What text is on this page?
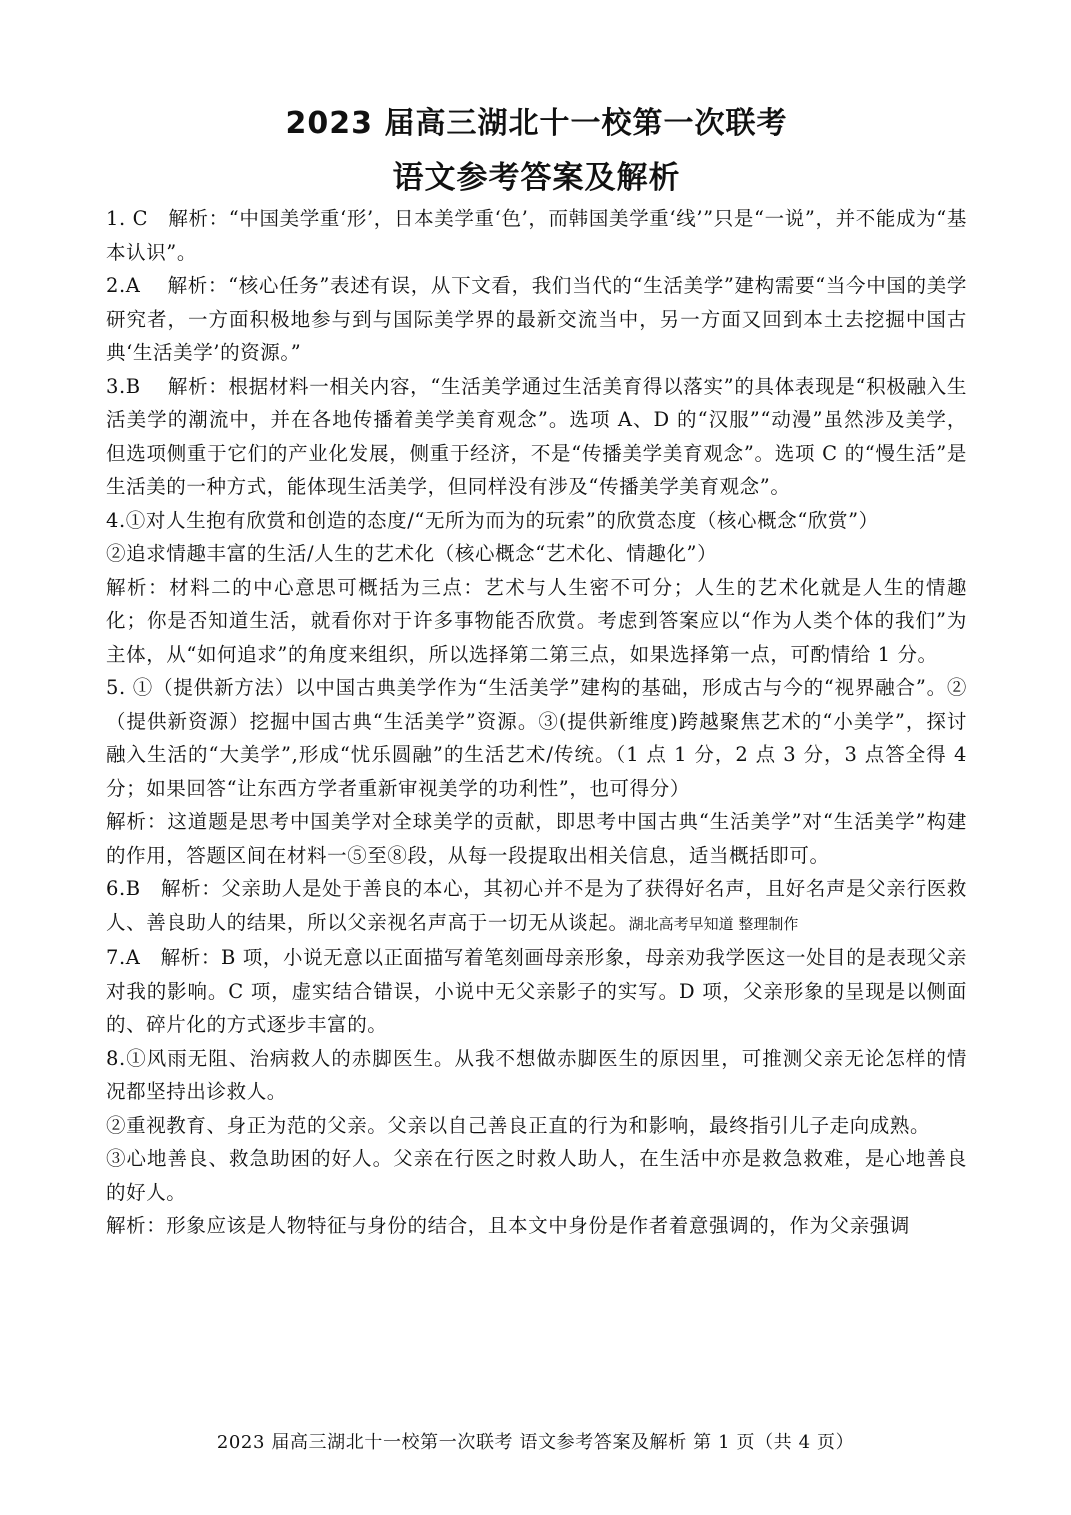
2023 届高三湖北十一校第一次联考
语文参考答案及解析

1. C　解析：“中国美学重‘形’，日本美学重‘色’，而韩国美学重‘线’”只是“一说”，并不能成为“基本认识”。

2.A　 解析：“核心任务”表述有误，从下文看，我们当代的“生活美学”建构需要“当今中国的美学研究者，一方面积极地参与到与国际美学界的最新交流当中，另一方面又回到本土去挖掘中国古典‘生活美学’的资源。”

3.B　 解析：根据材料一相关内容，“生活美学通过生活美育得以落实”的具体表现是“积极融入生活美学的潮流中，并在各地传播着美学美育观念”。选项 A、D 的“汉服”“动漫”虽然涉及美学，但选项侧重于它们的产业化发展，侧重于经济，不是“传播美学美育观念”。选项 C 的“慢生活”是生活美的一种方式，能体现生活美学，但同样没有涉及“传播美学美育观念”。

4.①对人生抱有欣赏和创造的态度/“无所为而为的玩索”的欣赏态度（核心概念“欣赏”）

②追求情趣丰富的生活/人生的艺术化（核心概念“艺术化、情趣化”）

解析：材料二的中心意思可概括为三点：艺术与人生密不可分；人生的艺术化就是人生的情趣化；你是否知道生活，就看你对于许多事物能否欣赏。考虑到答案应以“作为人类个体的我们”为主体，从“如何追求”的角度来组织，所以选择第二第三点，如果选择第一点，可酌情给 1 分。

5. ①（提供新方法）以中国古典美学作为“生活美学”建构的基础，形成古与今的“视界融合”。②（提供新资源）挖掘中国古典“生活美学”资源。③(提供新维度)跨越聚焦艺术的“小美学”，探讨融入生活的“大美学”,形成“忧乐圆融”的生活艺术/传统。（1 点 1 分，2 点 3 分，3 点答全得 4 分；如果回答“让东西方学者重新审视美学的功利性”，也可得分）

解析：这道题是思考中国美学对全球美学的贡献，即思考中国古典“生活美学”对“生活美学”构建的作用，答题区间在材料一⑤至⑧段，从每一段提取出相关信息，适当概括即可。

6.B　解析：父亲助人是处于善良的本心，其初心并不是为了获得好名声，且好名声是父亲行医救人、善良助人的结果，所以父亲视名声高于一切无从谈起。湖北高考早知道 整理制作

7.A　解析：B 项，小说无意以正面描写着笔刻画母亲形象，母亲劝我学医这一处目的是表现父亲对我的影响。C 项，虚实结合错误，小说中无父亲影子的实写。D 项，父亲形象的呈现是以侧面的、碎片化的方式逐步丰富的。

8.①风雨无阻、治病救人的赤脚医生。从我不想做赤脚医生的原因里，可推测父亲无论怎样的情况都坚持出诊救人。

②重视教育、身正为范的父亲。父亲以自己善良正直的行为和影响，最终指引儿子走向成熟。

③心地善良、救急助困的好人。父亲在行医之时救人助人，在生活中亦是救急救难，是心地善良的好人。

解析：形象应该是人物特征与身份的结合，且本文中身份是作者着意强调的，作为父亲强调

2023 届高三湖北十一校第一次联考 语文参考答案及解析 第 1 页（共 4 页）
